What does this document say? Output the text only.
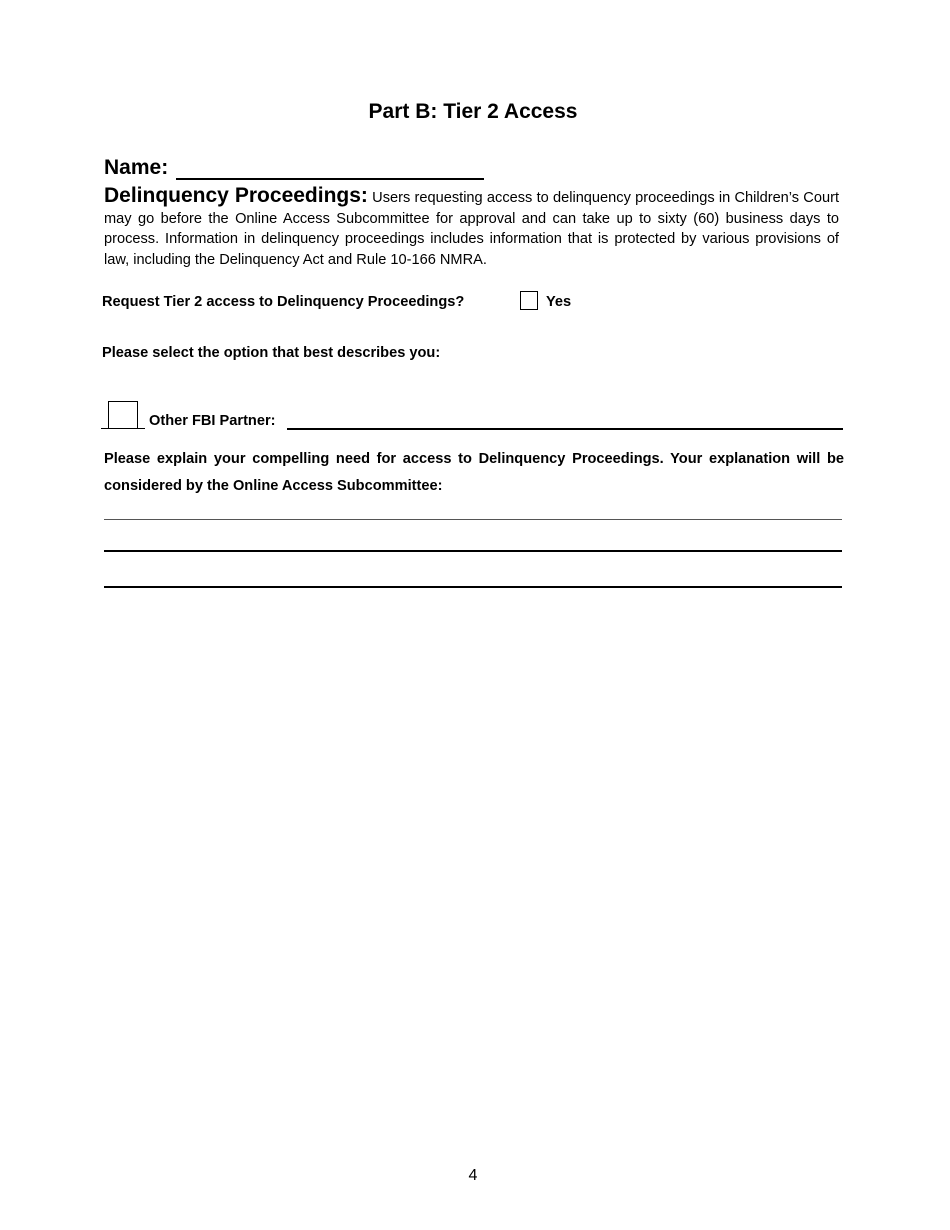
Part B: Tier 2 Access
Name:
Delinquency Proceedings: Users requesting access to delinquency proceedings in Children’s Court may go before the Online Access Subcommittee for approval and can take up to sixty (60) business days to process. Information in delinquency proceedings includes information that is protected by various provisions of law, including the Delinquency Act and Rule 10-166 NMRA.
Request Tier 2 access to Delinquency Proceedings?	Yes
Please select the option that best describes you:
Other FBI Partner:
Please explain your compelling need for access to Delinquency Proceedings. Your explanation will be considered by the Online Access Subcommittee:
4
